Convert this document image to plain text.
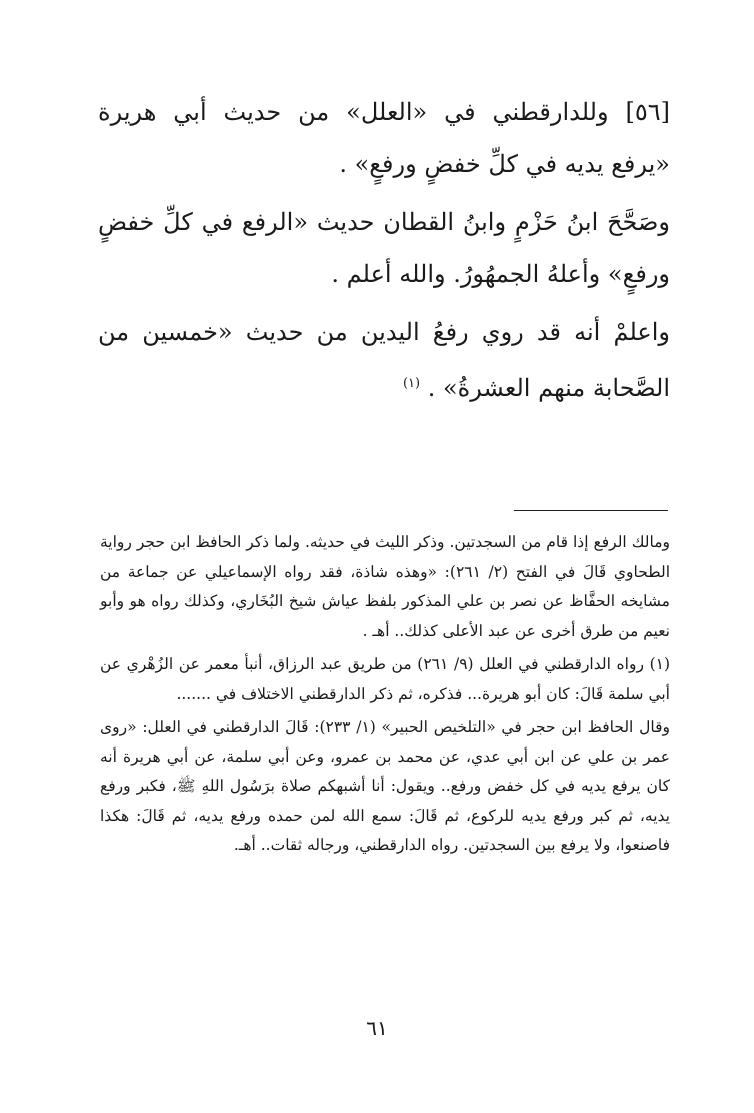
[٥٦] وللدارقطني في «العلل» من حديث أبي هريرة «يرفع يديه في كلِّ خفضٍ ورفعٍ» .

وصَحَّحَ ابنُ حَزْمٍ وابنُ القطان حديث «الرفع في كلِّ خفضٍ ورفعٍ» وأعلهُ الجمهُورُ. والله أعلم .

واعلمْ أنه قد روي رفعُ اليدين من حديث «خمسين من الصَّحابة منهم العشرةُ» . $^{(١)}$

ومالك الرفع إذا قام من السجدتين. وذكر الليث في حديثه. ولما ذكر الحافظ ابن حجر رواية الطحاوي قَالَ في الفتح (٢/ ٢٦١): «وهذه شاذة، فقد رواه الإسماعيلي عن جماعة من مشايخه الحفَّاظ عن نصر بن علي المذكور بلفظ عياش شيخ البُخَاري، وكذلك رواه هو وأبو نعيم من طرق أخرى عن عبد الأعلى كذلك.. أهـ .

(١) رواه الدارقطني في العلل (٩/ ٢٦١) من طريق عبد الرزاق، أنبأ معمر عن الزُهْري عن أبي سلمة قَالَ: كان أبو هريرة... فذكره، ثم ذكر الدارقطني الاختلاف في .......

وقال الحافظ ابن حجر في «التلخيص الحبير» (١/ ٢٣٣): قَالَ الدارقطني في العلل: «روى عمر بن علي عن ابن أبي عدي، عن محمد بن عمرو، وعن أبي سلمة، عن أبي هريرة أنه كان يرفع يديه في كل خفض ورفع.. ويقول: أنا أشبهكم صلاة برَسُول اللهِ ﷺ، فكبر ورفع يديه، ثم كبر ورفع يديه للركوع، ثم قَالَ: سمع الله لمن حمده ورفع يديه، ثم قَالَ: هكذا فاصنعوا، ولا يرفع بين السجدتين. رواه الدارقطني، ورجاله ثقات.. أهـ.

٦١
